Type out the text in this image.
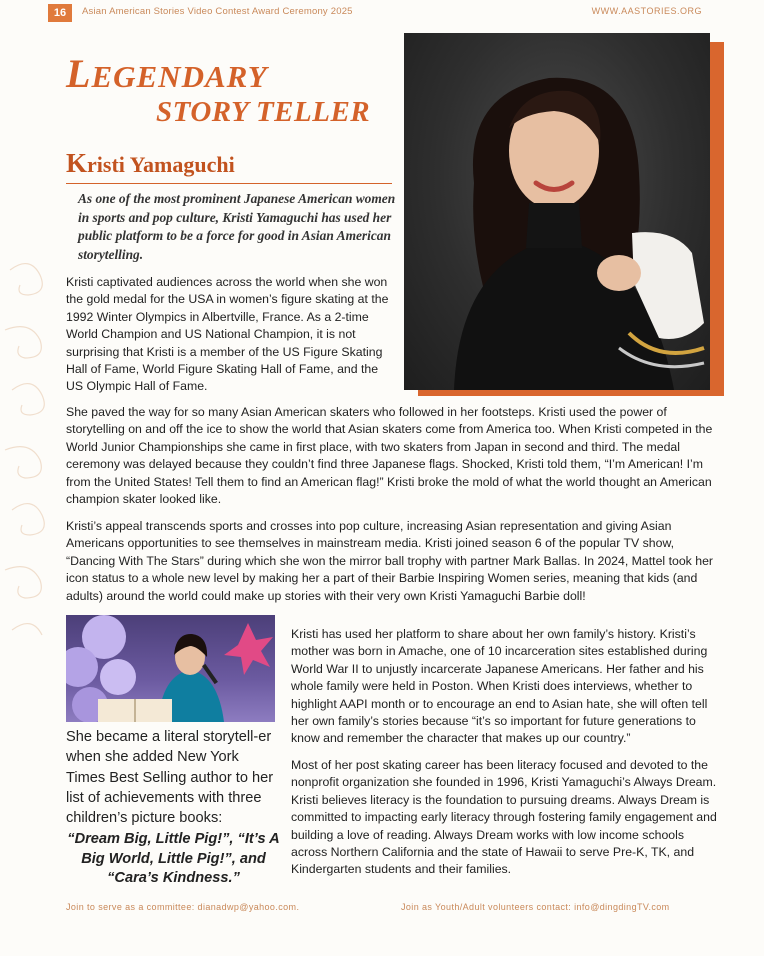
16	Asian American Stories Video Contest Award Ceremony 2025	WWW.AASTORIES.ORG
LEGENDARY
STORY TELLER
Kristi Yamaguchi
As one of the most prominent Japanese American women in sports and pop culture, Kristi Yamaguchi has used her public platform to be a force for good in Asian American storytelling.

Kristi captivated audiences across the world when she won the gold medal for the USA in women’s figure skating at the 1992 Winter Olympics in Albertville, France. As a 2-time World Champion and US National Champion, it is not surprising that Kristi is a member of the US Figure Skating Hall of Fame, World Figure Skating Hall of Fame, and the US Olympic Hall of Fame.

She paved the way for so many Asian American skaters who followed in her footsteps. Kristi used the power of storytelling on and off the ice to show the world that Asian skaters come from America too. When Kristi competed in the World Junior Championships she came in first place, with two skaters from Japan in second and third. The medal ceremony was delayed because they couldn’t find three Japanese flags. Shocked, Kristi told them, “I’m American! I’m from the United States! Tell them to find an American flag!” Kristi broke the mold of what the world thought an American champion skater looked like.

Kristi’s appeal transcends sports and crosses into pop culture, increasing Asian representation and giving Asian Americans opportunities to see themselves in mainstream media. Kristi joined season 6 of the popular TV show, “Dancing With The Stars” during which she won the mirror ball trophy with partner Mark Ballas. In 2024, Mattel took her icon status to a whole new level by making her a part of their Barbie Inspiring Women series, meaning that kids (and adults) around the world could make up stories with their very own Kristi Yamaguchi Barbie doll!

She became a literal storytell-er when she added New York Times Best Selling author to her list of achievements with three children’s picture books:
“Dream Big, Little Pig!”, “It’s A Big World, Little Pig!”, and “Cara’s Kindness.”

Kristi has used her platform to share about her own family’s history. Kristi’s mother was born in Amache, one of 10 incarceration sites established during World War II to unjustly incarcerate Japanese Americans. Her father and his whole family were held in Poston. When Kristi does interviews, whether to highlight AAPI month or to encourage an end to Asian hate, she will often tell her own family’s stories because “it’s so important for future generations to know and remember the character that makes up our country.”

Most of her post skating career has been literacy focused and devoted to the nonprofit organization she founded in 1996, Kristi Yamaguchi’s Always Dream. Kristi believes literacy is the foundation to pursuing dreams. Always Dream is committed to impacting early literacy through fostering family engagement and building a love of reading. Always Dream works with low income schools across Northern California and the state of Hawaii to serve Pre-K, TK, and Kindergarten students and their families.

Join to serve as a committee: dianadwp@yahoo.com.	Join as Youth/Adult volunteers contact: info@dingdingTV.com
